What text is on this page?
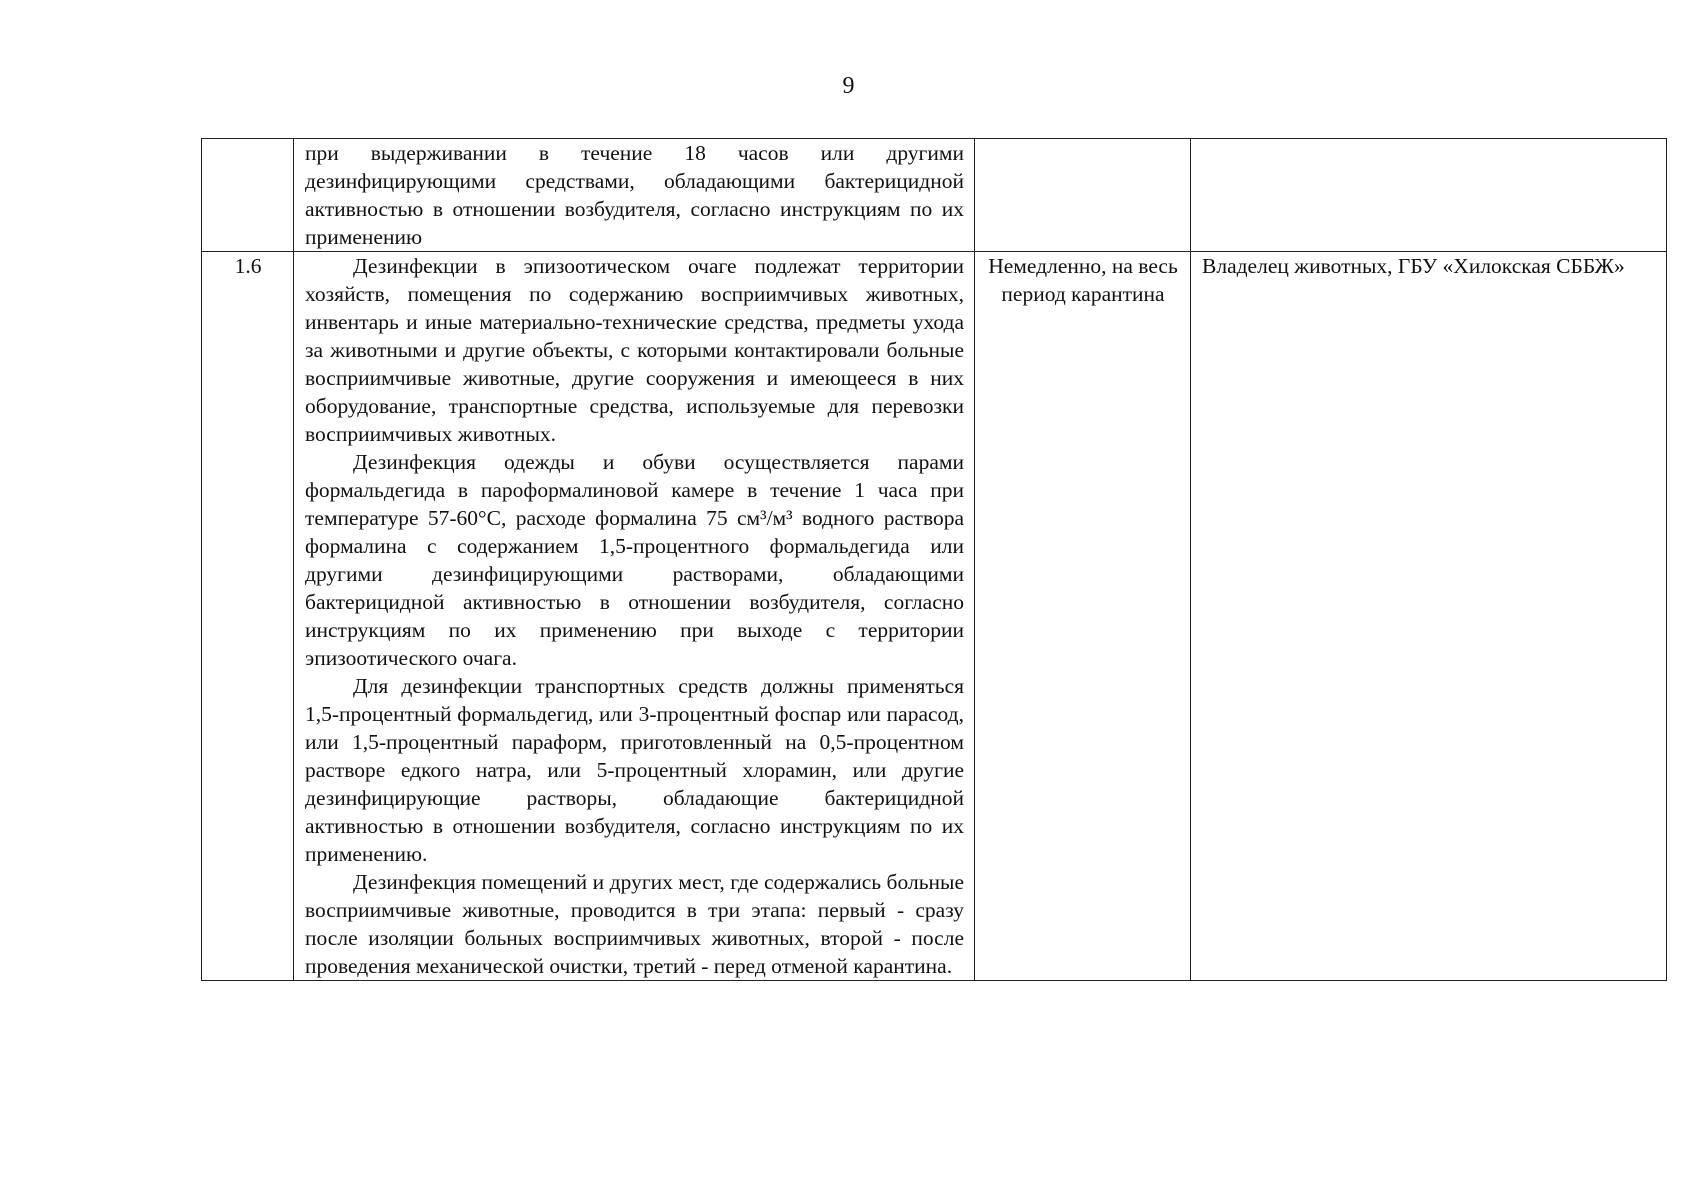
9

	при выдерживании в течение 18 часов или другими дезинфицирующими средствами, обладающими бактерицидной активностью в отношении возбудителя, согласно инструкциям по их применению		

1.6	Дезинфекции в эпизоотическом очаге подлежат территории хозяйств, помещения по содержанию восприимчивых животных, инвентарь и иные материально-технические средства, предметы ухода за животными и другие объекты, с которыми контактировали больные восприимчивые животные, другие сооружения и имеющееся в них оборудование, транспортные средства, используемые для перевозки восприимчивых животных.

Дезинфекция одежды и обуви осуществляется парами формальдегида в пароформалиновой камере в течение 1 часа при температуре 57-60°С, расходе формалина 75 см³/м³ водного раствора формалина с содержанием 1,5-процентного формальдегида или другими дезинфицирующими растворами, обладающими бактерицидной активностью в отношении возбудителя, согласно инструкциям по их применению при выходе с территории эпизоотического очага.

Для дезинфекции транспортных средств должны применяться 1,5-процентный формальдегид, или 3-процентный фоспар или парасод, или 1,5-процентный параформ, приготовленный на 0,5-процентном растворе едкого натра, или 5-процентный хлорамин, или другие дезинфицирующие растворы, обладающие бактерицидной активностью в отношении возбудителя, согласно инструкциям по их применению.

Дезинфекция помещений и других мест, где содержались больные восприимчивые животные, проводится в три этапа: первый - сразу после изоляции больных восприимчивых животных, второй - после проведения механической очистки, третий - перед отменой карантина.	Немедленно, на весь период карантина	Владелец животных, ГБУ «Хилокская СББЖ»
